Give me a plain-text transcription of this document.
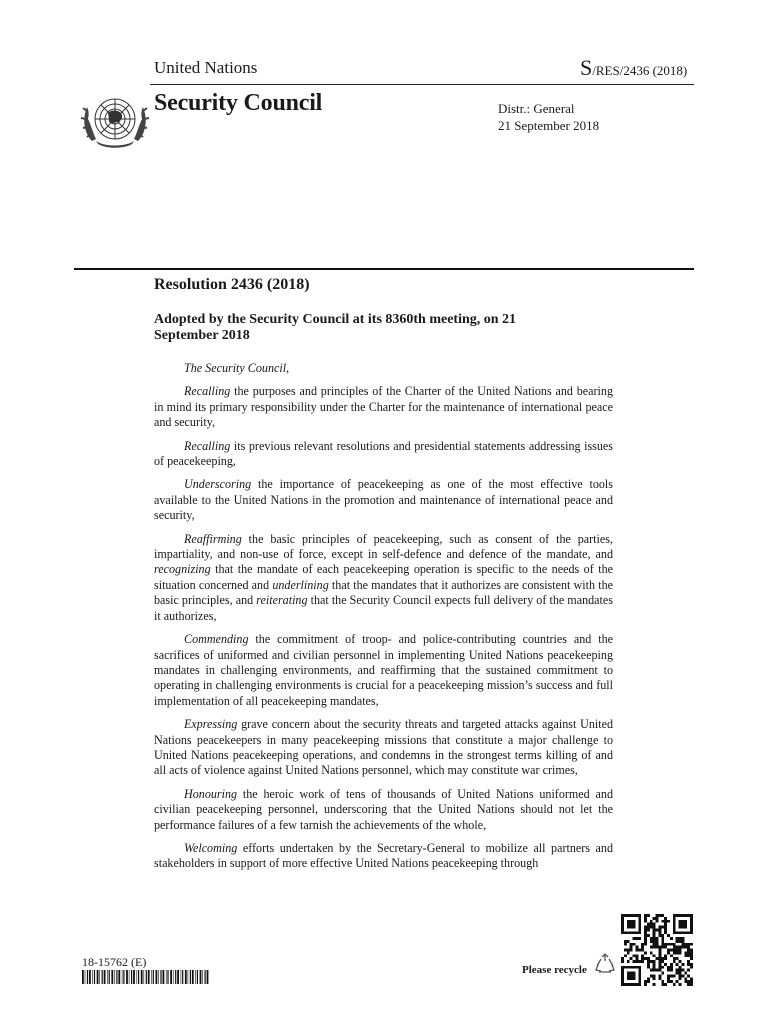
United Nations	S/RES/2436 (2018)
Security Council	Distr.: General
21 September 2018
Resolution 2436 (2018)
Adopted by the Security Council at its 8360th meeting, on 21 September 2018

The Security Council,

Recalling the purposes and principles of the Charter of the United Nations and bearing in mind its primary responsibility under the Charter for the maintenance of international peace and security,

Recalling its previous relevant resolutions and presidential statements addressing issues of peacekeeping,

Underscoring the importance of peacekeeping as one of the most effective tools available to the United Nations in the promotion and maintenance of international peace and security,

Reaffirming the basic principles of peacekeeping, such as consent of the parties, impartiality, and non-use of force, except in self-defence and defence of the mandate, and recognizing that the mandate of each peacekeeping operation is specific to the needs of the situation concerned and underlining that the mandates that it authorizes are consistent with the basic principles, and reiterating that the Security Council expects full delivery of the mandates it authorizes,

Commending the commitment of troop- and police-contributing countries and the sacrifices of uniformed and civilian personnel in implementing United Nations peacekeeping mandates in challenging environments, and reaffirming that the sustained commitment to operating in challenging environments is crucial for a peacekeeping mission’s success and full implementation of all peacekeeping mandates,

Expressing grave concern about the security threats and targeted attacks against United Nations peacekeepers in many peacekeeping missions that constitute a major challenge to United Nations peacekeeping operations, and condemns in the strongest terms killing of and all acts of violence against United Nations personnel, which may constitute war crimes,

Honouring the heroic work of tens of thousands of United Nations uniformed and civilian peacekeeping personnel, underscoring that the United Nations should not let the performance failures of a few tarnish the achievements of the whole,

Welcoming efforts undertaken by the Secretary-General to mobilize all partners and stakeholders in support of more effective United Nations peacekeeping through

18-15762 (E)
Please recycle
